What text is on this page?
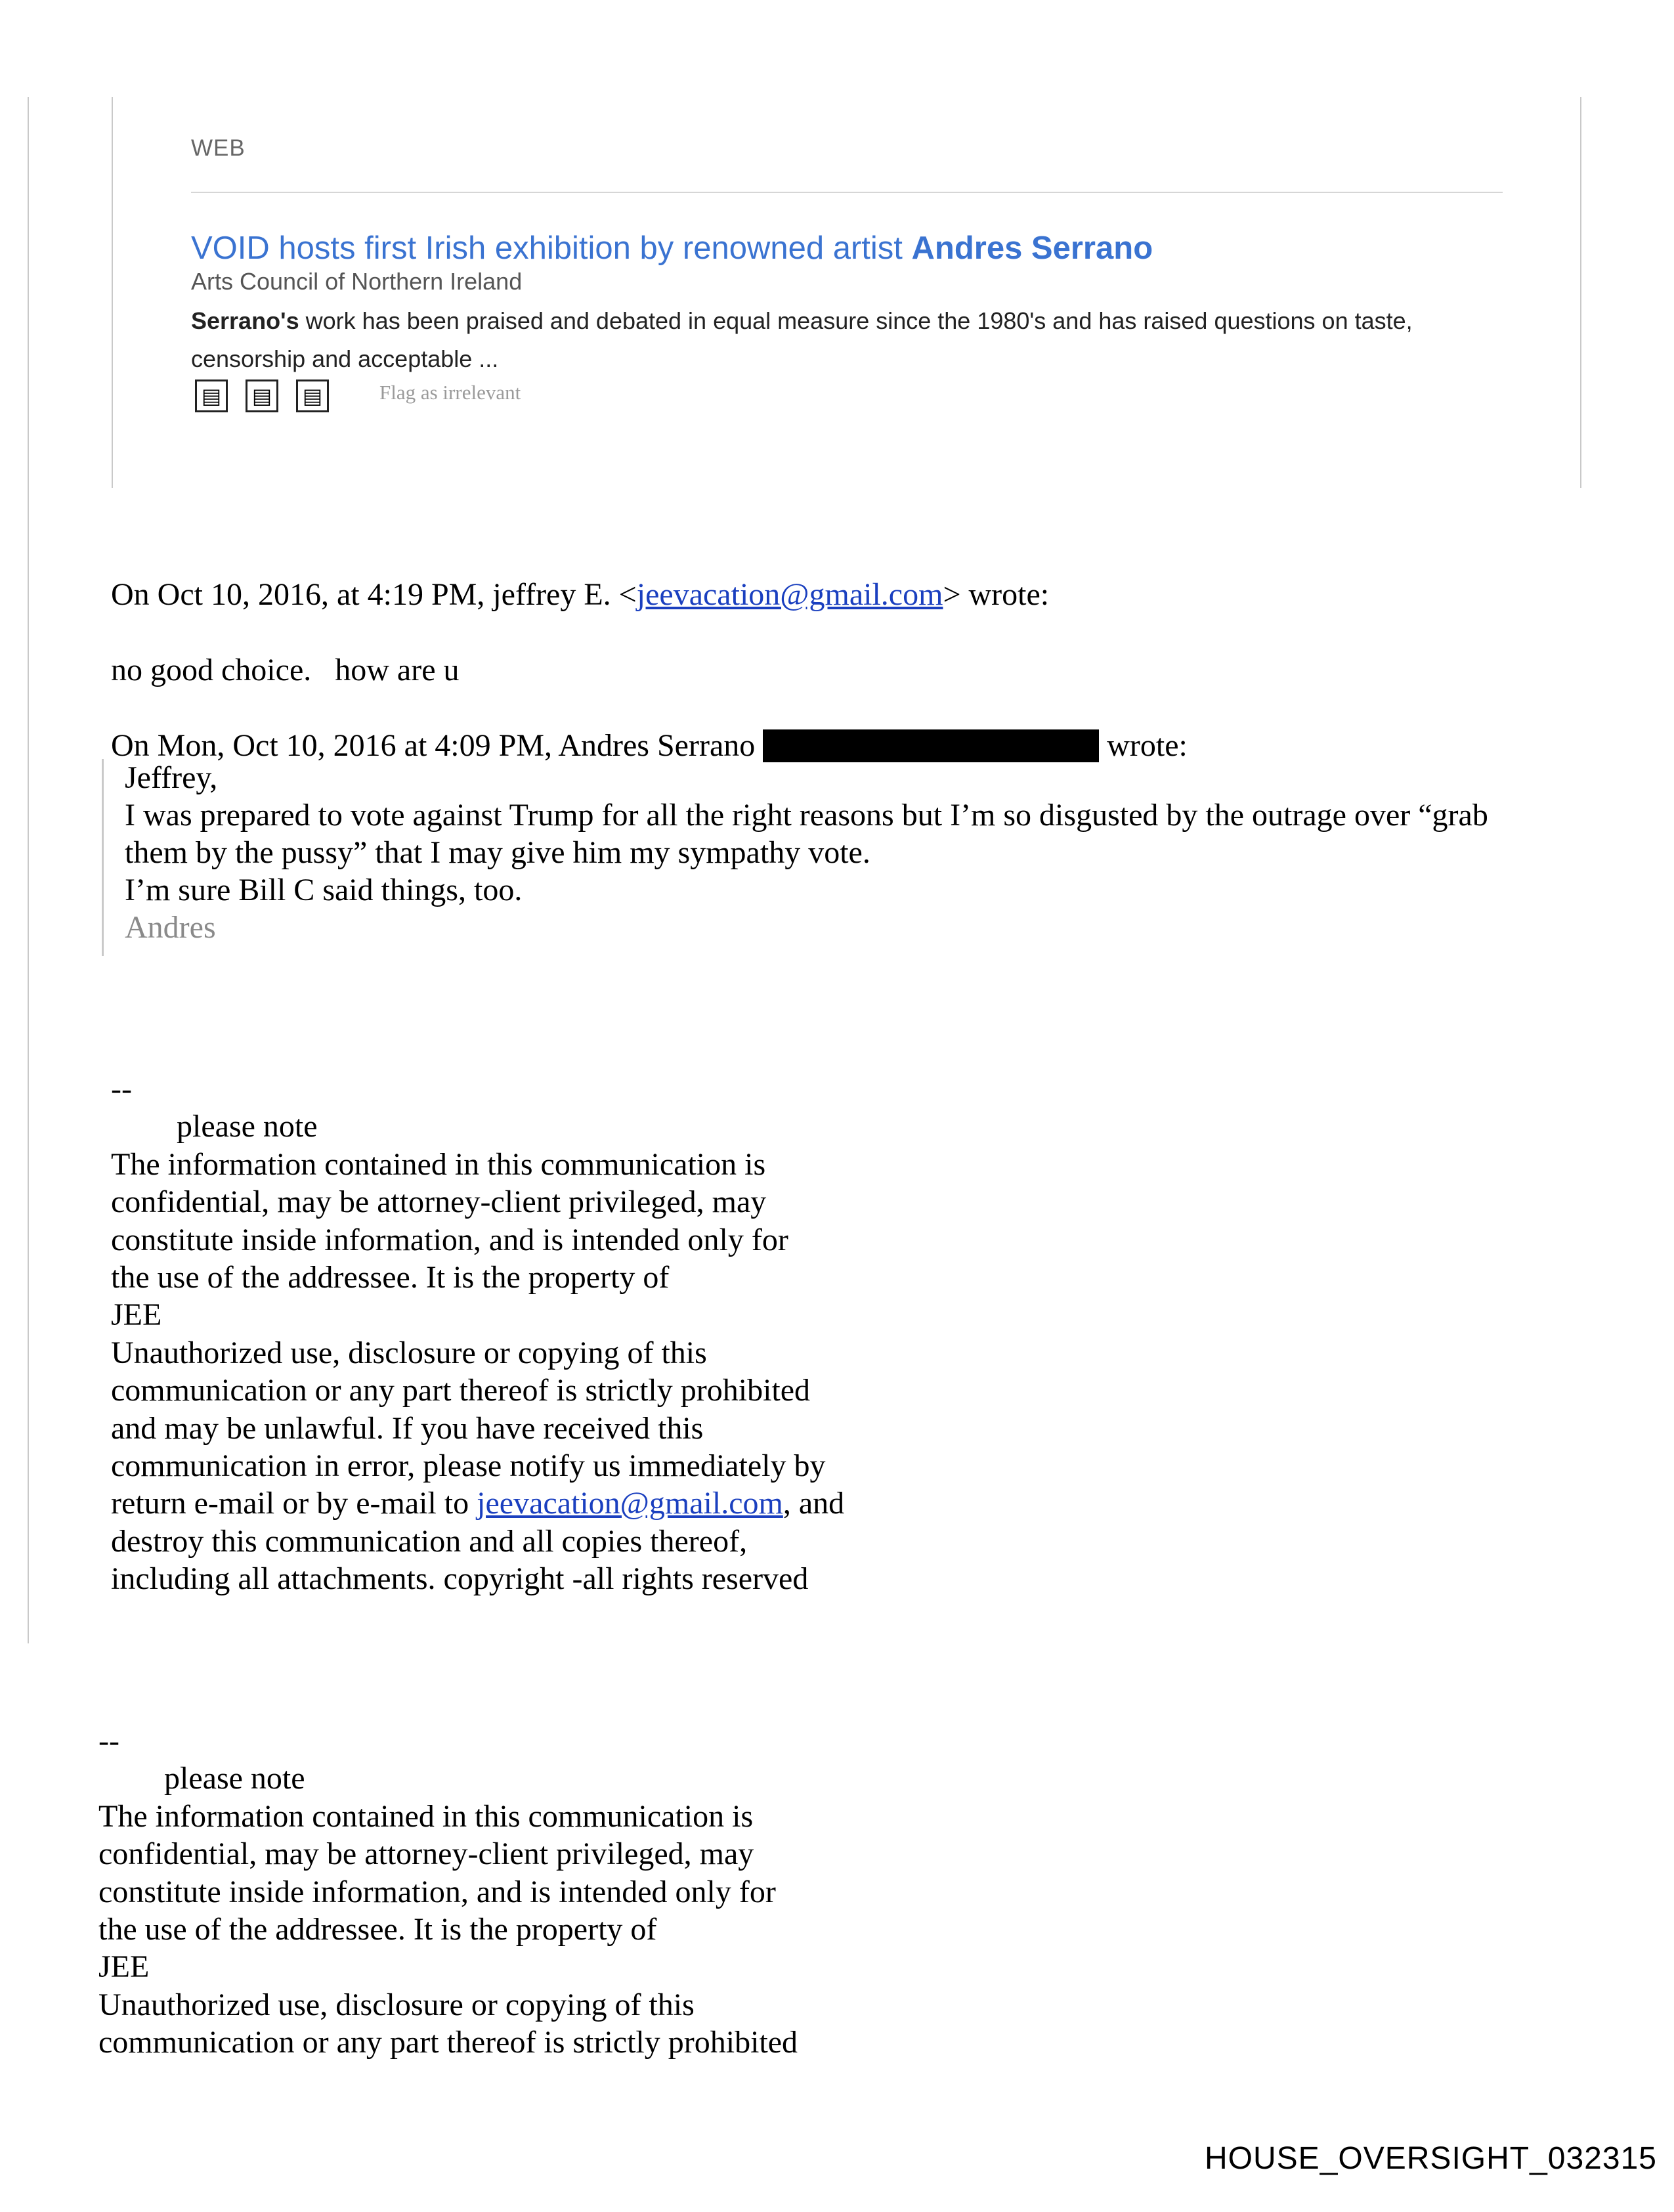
WEB
VOID hosts first Irish exhibition by renowned artist Andres Serrano
Arts Council of Northern Ireland
Serrano's work has been praised and debated in equal measure since the 1980's and has raised questions on taste, censorship and acceptable ...
▤	▤	▤	Flag as irrelevant
On Oct 10, 2016, at 4:19 PM, jeffrey E. <jeevacation@gmail.com> wrote:
no good choice.   how are u
On Mon, Oct 10, 2016 at 4:09 PM, Andres Serrano	wrote:
Jeffrey,
I was prepared to vote against Trump for all the right reasons but I’m so disgusted by the outrage over “grab
them by the pussy” that I may give him my sympathy vote.
I’m sure Bill C said things, too.
Andres
--
please note
The information contained in this communication is
confidential, may be attorney-client privileged, may
constitute inside information, and is intended only for
the use of the addressee. It is the property of
JEE
Unauthorized use, disclosure or copying of this
communication or any part thereof is strictly prohibited
and may be unlawful. If you have received this
communication in error, please notify us immediately by
return e-mail or by e-mail to jeevacation@gmail.com, and
destroy this communication and all copies thereof,
including all attachments. copyright -all rights reserved
--
please note
The information contained in this communication is
confidential, may be attorney-client privileged, may
constitute inside information, and is intended only for
the use of the addressee. It is the property of
JEE
Unauthorized use, disclosure or copying of this
communication or any part thereof is strictly prohibited
HOUSE_OVERSIGHT_032315
